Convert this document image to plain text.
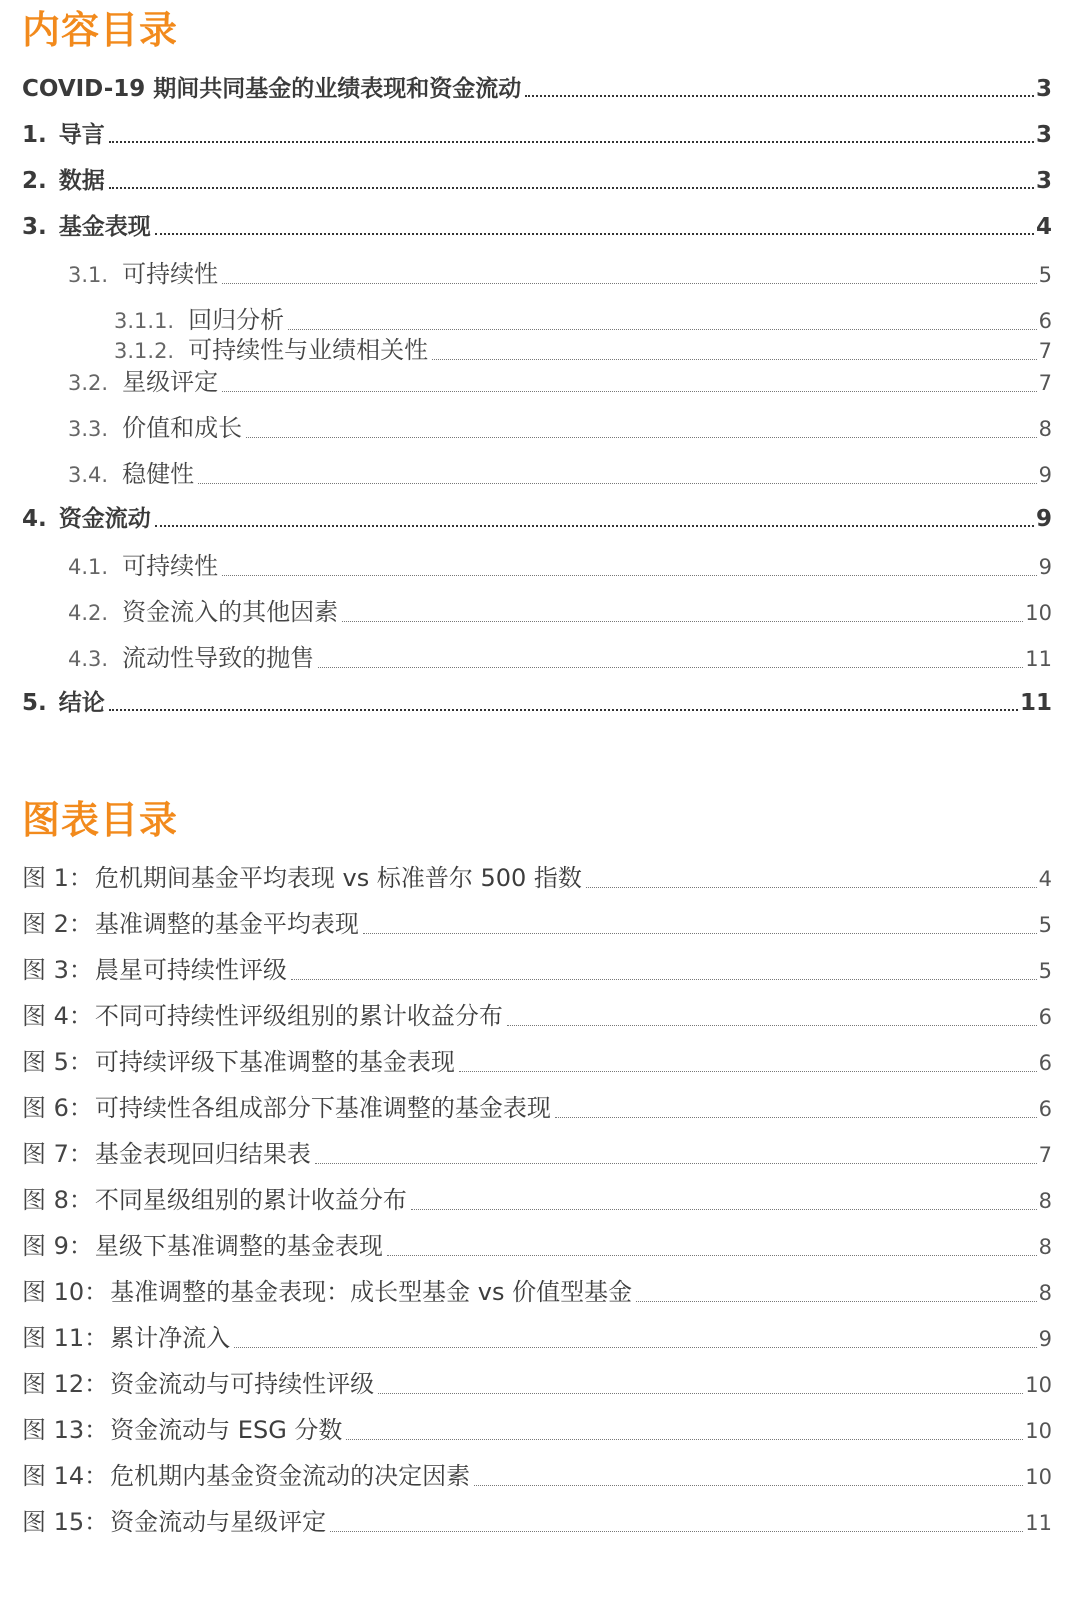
内容目录
COVID-19 期间共同基金的业绩表现和资金流动	3
1. 导言	3
2. 数据	3
3. 基金表现	4
3.1. 可持续性	5
3.1.1. 回归分析	6
3.1.2. 可持续性与业绩相关性	7
3.2. 星级评定	7
3.3. 价值和成长	8
3.4. 稳健性	9
4. 资金流动	9
4.1. 可持续性	9
4.2. 资金流入的其他因素	10
4.3. 流动性导致的抛售	11
5. 结论	11
图表目录
图 1： 危机期间基金平均表现 vs 标准普尔 500 指数	4
图 2： 基准调整的基金平均表现	5
图 3： 晨星可持续性评级	5
图 4： 不同可持续性评级组别的累计收益分布	6
图 5： 可持续评级下基准调整的基金表现	6
图 6： 可持续性各组成部分下基准调整的基金表现	6
图 7： 基金表现回归结果表	7
图 8： 不同星级组别的累计收益分布	8
图 9： 星级下基准调整的基金表现	8
图 10： 基准调整的基金表现：成长型基金 vs 价值型基金	8
图 11： 累计净流入	9
图 12： 资金流动与可持续性评级	10
图 13： 资金流动与 ESG 分数	10
图 14： 危机期内基金资金流动的决定因素	10
图 15： 资金流动与星级评定	11
